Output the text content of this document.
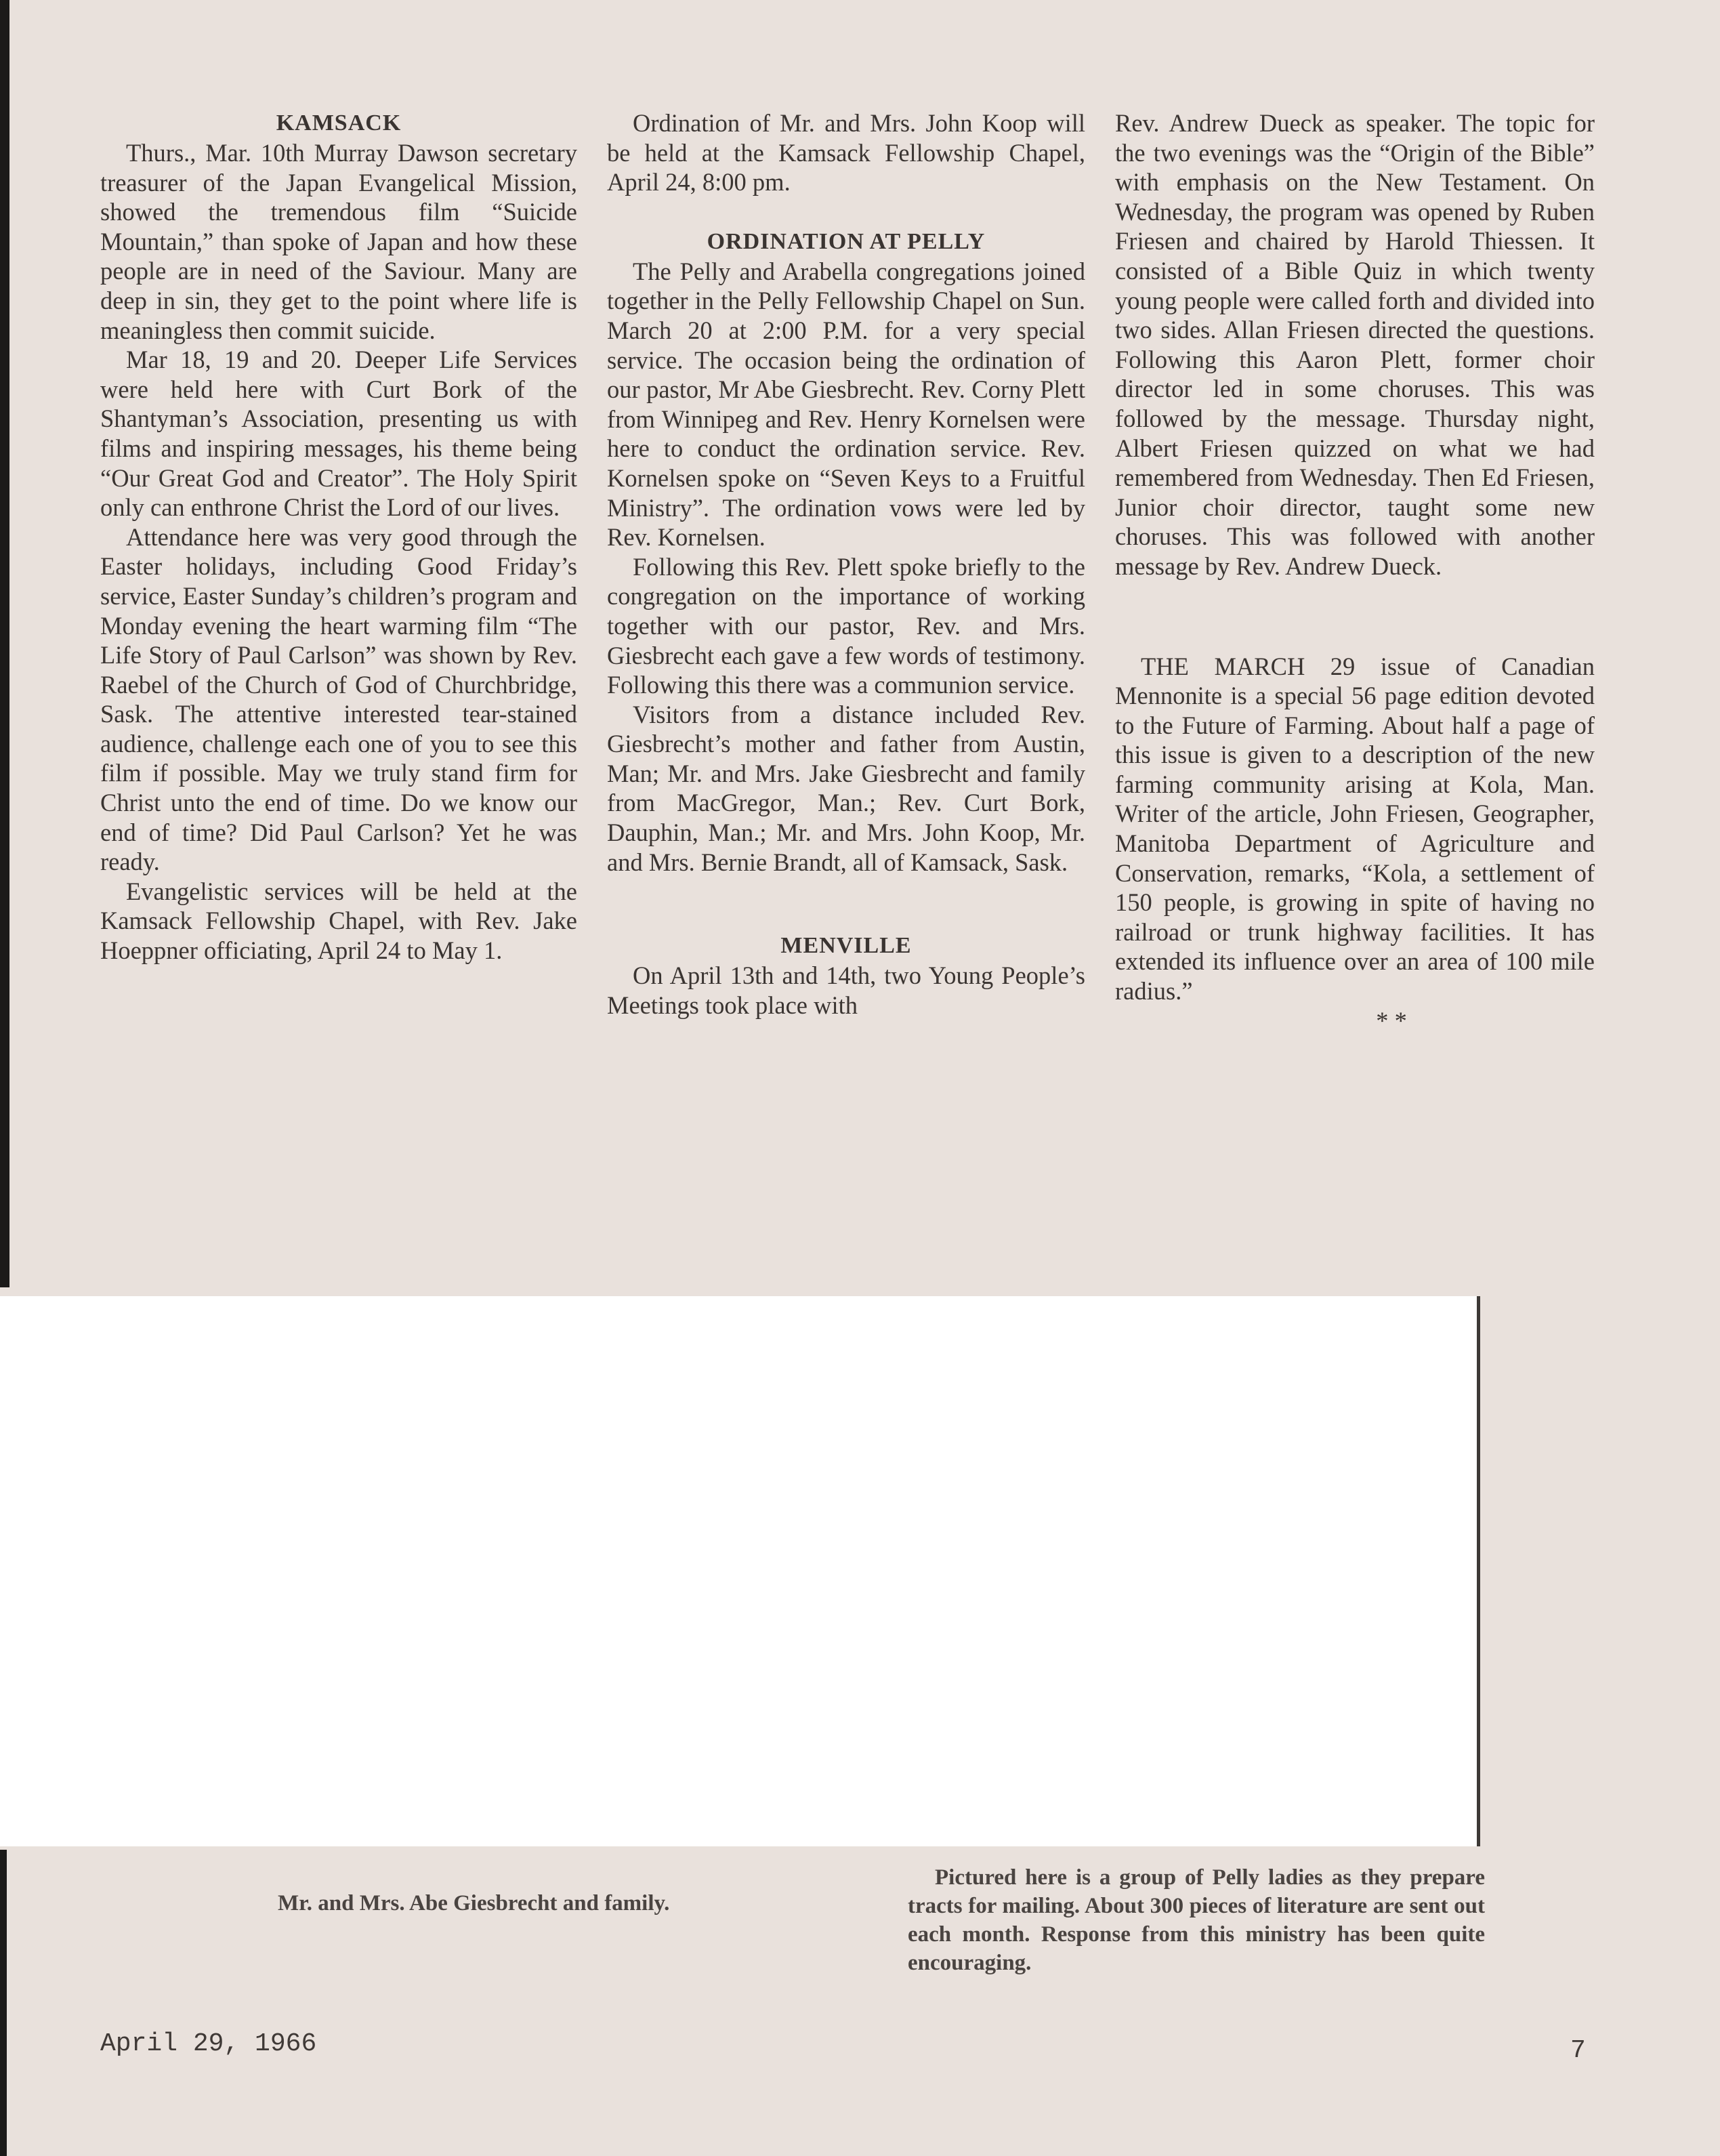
KAMSACK

Thurs., Mar. 10th Murray Dawson secretary treasurer of the Japan Evangelical Mission, showed the tremendous film “Suicide Mountain,” than spoke of Japan and how these people are in need of the Saviour. Many are deep in sin, they get to the point where life is meaningless then commit suicide.

Mar 18, 19 and 20. Deeper Life Services were held here with Curt Bork of the Shantyman’s Association, presenting us with films and inspiring messages, his theme being “Our Great God and Creator”. The Holy Spirit only can enthrone Christ the Lord of our lives.

Attendance here was very good through the Easter holidays, including Good Friday’s service, Easter Sunday’s children’s program and Monday evening the heart warming film “The Life Story of Paul Carlson” was shown by Rev. Raebel of the Church of God of Churchbridge, Sask. The attentive interested tear-stained audience, challenge each one of you to see this film if possible. May we truly stand firm for Christ unto the end of time. Do we know our end of time? Did Paul Carlson? Yet he was ready.

Evangelistic services will be held at the Kamsack Fellowship Chapel, with Rev. Jake Hoeppner officiating, April 24 to May 1.

Ordination of Mr. and Mrs. John Koop will be held at the Kamsack Fellowship Chapel, April 24, 8:00 pm.

ORDINATION AT PELLY

The Pelly and Arabella congregations joined together in the Pelly Fellowship Chapel on Sun. March 20 at 2:00 P.M. for a very special service. The occasion being the ordination of our pastor, Mr Abe Giesbrecht. Rev. Corny Plett from Winnipeg and Rev. Henry Kornelsen were here to conduct the ordination service. Rev. Kornelsen spoke on “Seven Keys to a Fruitful Ministry”. The ordination vows were led by Rev. Kornelsen.

Following this Rev. Plett spoke briefly to the congregation on the importance of working together with our pastor, Rev. and Mrs. Giesbrecht each gave a few words of testimony. Following this there was a communion service.

Visitors from a distance included Rev. Giesbrecht’s mother and father from Austin, Man; Mr. and Mrs. Jake Giesbrecht and family from MacGregor, Man.; Rev. Curt Bork, Dauphin, Man.; Mr. and Mrs. John Koop, Mr. and Mrs. Bernie Brandt, all of Kamsack, Sask.

MENVILLE

On April 13th and 14th, two Young People’s Meetings took place with

Rev. Andrew Dueck as speaker. The topic for the two evenings was the “Origin of the Bible” with emphasis on the New Testament. On Wednesday, the program was opened by Ruben Friesen and chaired by Harold Thiessen. It consisted of a Bible Quiz in which twenty young people were called forth and divided into two sides. Allan Friesen directed the questions. Following this Aaron Plett, former choir director led in some choruses. This was followed by the message. Thursday night, Albert Friesen quizzed on what we had remembered from Wednesday. Then Ed Friesen, Junior choir director, taught some new choruses. This was followed with another message by Rev. Andrew Dueck.

THE MARCH 29 issue of Canadian Mennonite is a special 56 page edition devoted to the Future of Farming. About half a page of this issue is given to a description of the new farming community arising at Kola, Man. Writer of the article, John Friesen, Geographer, Manitoba Department of Agriculture and Conservation, remarks, “Kola, a settlement of 150 people, is growing in spite of having no railroad or trunk highway facilities. It has extended its influence over an area of 100 mile radius.”

* *

Mr. and Mrs. Abe Giesbrecht and family.
Pictured here is a group of Pelly ladies as they prepare tracts for mailing. About 300 pieces of literature are sent out each month. Response from this ministry has been quite encouraging.
April 29, 1966	7
